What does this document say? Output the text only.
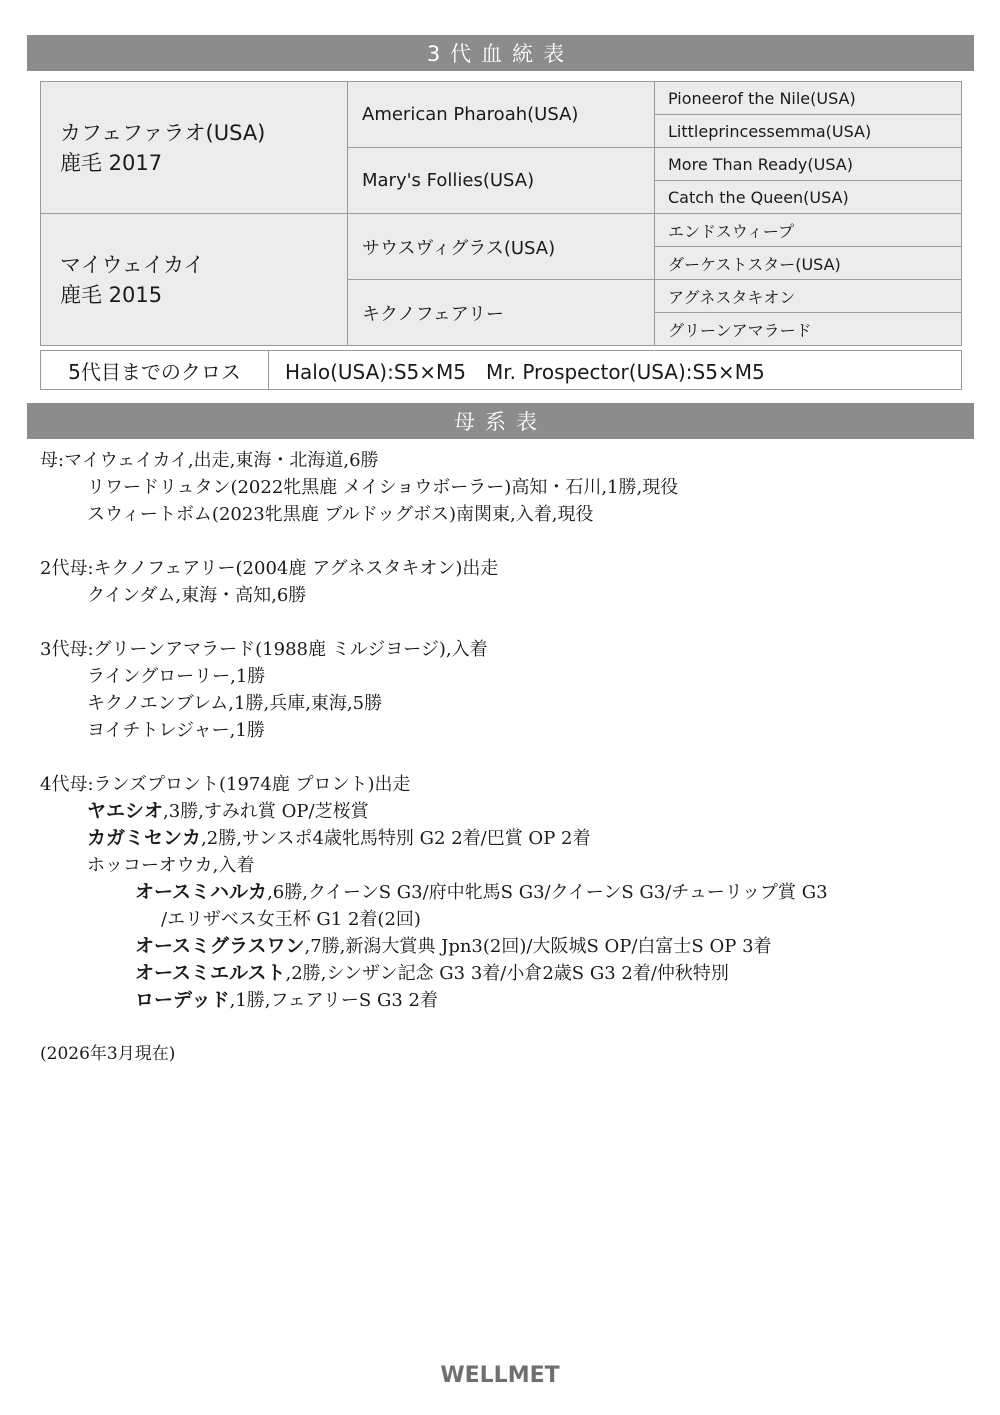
3代血統表
カフェファラオ(USA)
鹿毛 2017	American Pharoah(USA)	Pioneerof the Nile(USA)
		Littleprincessemma(USA)
	Mary's Follies(USA)	More Than Ready(USA)
		Catch the Queen(USA)

マイウェイカイ
鹿毛 2015	サウスヴィグラス(USA)	エンドスウィープ
		ダーケストスター(USA)
	キクノフェアリー	アグネスタキオン
		グリーンアマラード
5代目までのクロス	Halo(USA):S5×M5　Mr. Prospector(USA):S5×M5
母系表
母:マイウェイカイ,出走,東海・北海道,6勝
リワードリュタン(2022牝黒鹿 メイショウボーラー)高知・石川,1勝,現役
スウィートボム(2023牝黒鹿 ブルドッグボス)南関東,入着,現役
2代母:キクノフェアリー(2004鹿 アグネスタキオン)出走
クインダム,東海・高知,6勝
3代母:グリーンアマラード(1988鹿 ミルジヨージ),入着
ライングローリー,1勝
キクノエンブレム,1勝,兵庫,東海,5勝
ヨイチトレジャー,1勝
4代母:ランズプロント(1974鹿 プロント)出走
ヤエシオ,3勝,すみれ賞 OP/芝桜賞
カガミセンカ,2勝,サンスポ4歳牝馬特別 G2 2着/巴賞 OP 2着
ホッコーオウカ,入着
オースミハルカ,6勝,クイーンS G3/府中牝馬S G3/クイーンS G3/チューリップ賞 G3
/エリザベス女王杯 G1 2着(2回)
オースミグラスワン,7勝,新潟大賞典 Jpn3(2回)/大阪城S OP/白富士S OP 3着
オースミエルスト,2勝,シンザン記念 G3 3着/小倉2歳S G3 2着/仲秋特別
ローデッド,1勝,フェアリーS G3 2着
(2026年3月現在)
WELLMET
